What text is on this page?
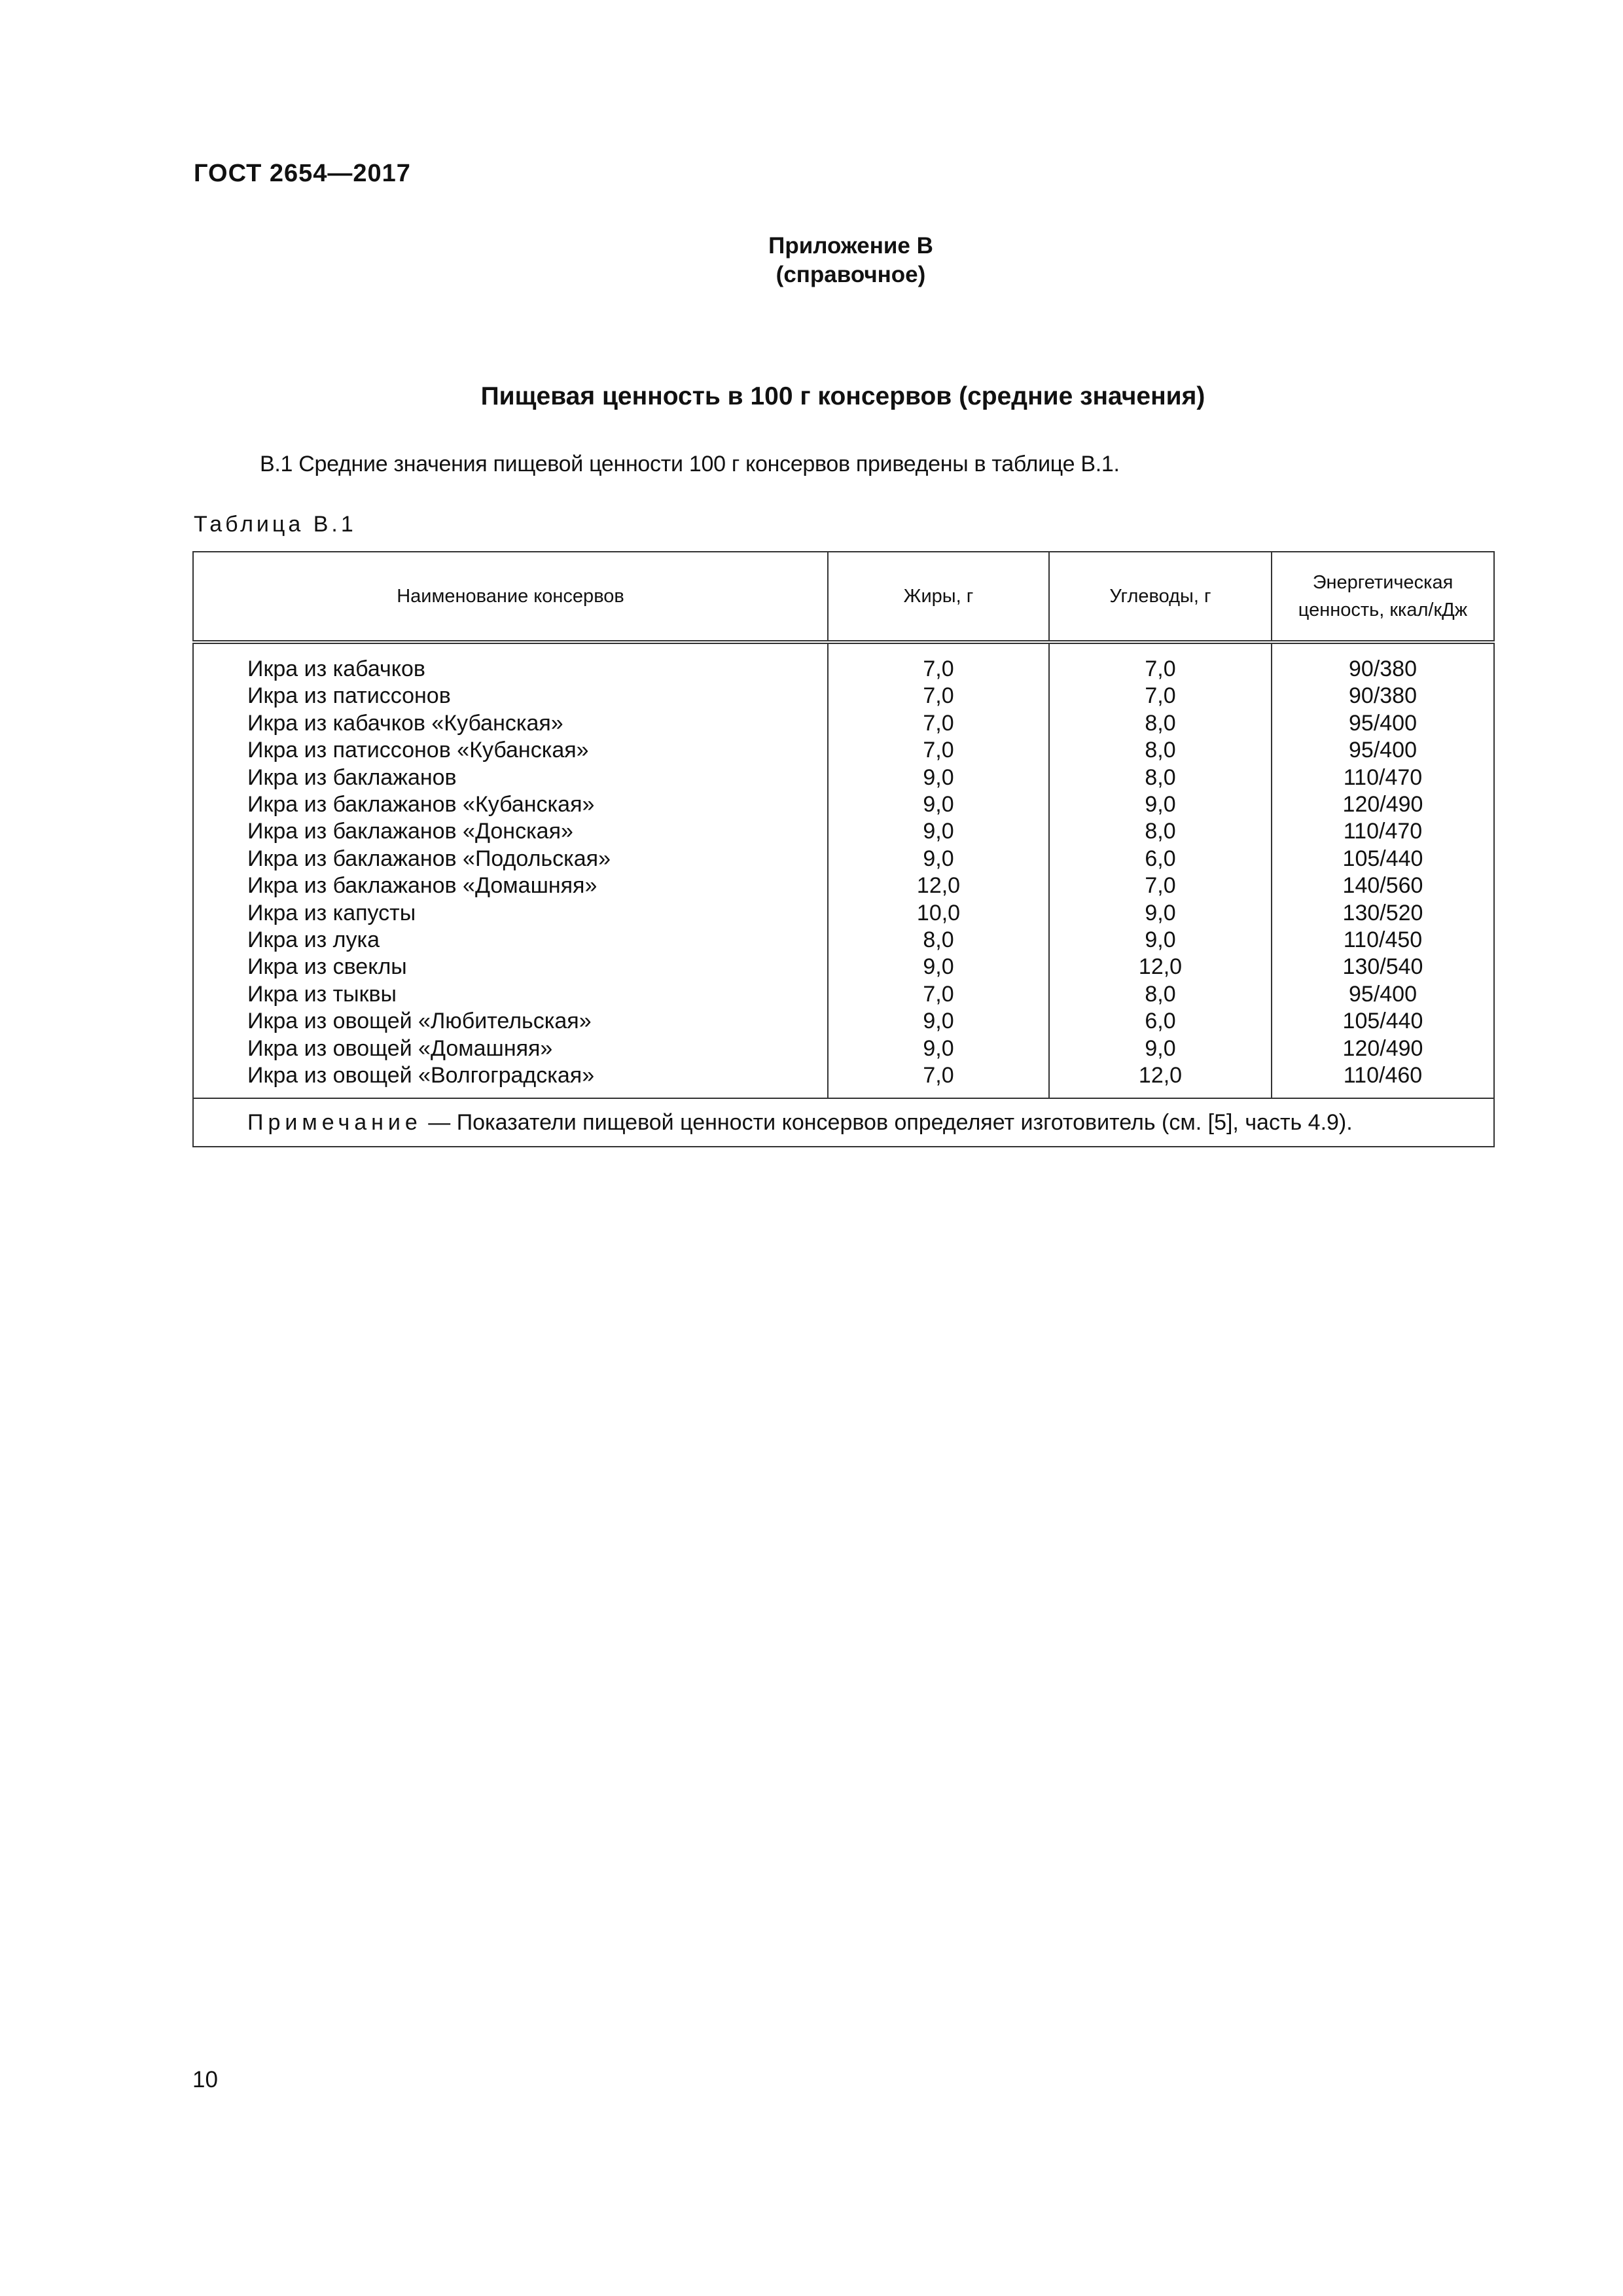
ГОСТ 2654—2017
Приложение В
(справочное)
Пищевая ценность в 100 г консервов (средние значения)
В.1 Средние значения пищевой ценности 100 г консервов приведены в таблице В.1.
Таблица В.1
Наименование консервов	Жиры, г	Углеводы, г	Энергетическая ценность, ккал/кДж
Икра из кабачков	7,0	7,0	90/380
Икра из патиссонов	7,0	7,0	90/380
Икра из кабачков «Кубанская»	7,0	8,0	95/400
Икра из патиссонов «Кубанская»	7,0	8,0	95/400
Икра из баклажанов	9,0	8,0	110/470
Икра из баклажанов «Кубанская»	9,0	9,0	120/490
Икра из баклажанов «Донская»	9,0	8,0	110/470
Икра из баклажанов «Подольская»	9,0	6,0	105/440
Икра из баклажанов «Домашняя»	12,0	7,0	140/560
Икра из капусты	10,0	9,0	130/520
Икра из лука	8,0	9,0	110/450
Икра из свеклы	9,0	12,0	130/540
Икра из тыквы	7,0	8,0	95/400
Икра из овощей «Любительская»	9,0	6,0	105/440
Икра из овощей «Домашняя»	9,0	9,0	120/490
Икра из овощей «Волгоградская»	7,0	12,0	110/460
Примечание — Показатели пищевой ценности консервов определяет изготовитель (см. [5], часть 4.9).			
10
